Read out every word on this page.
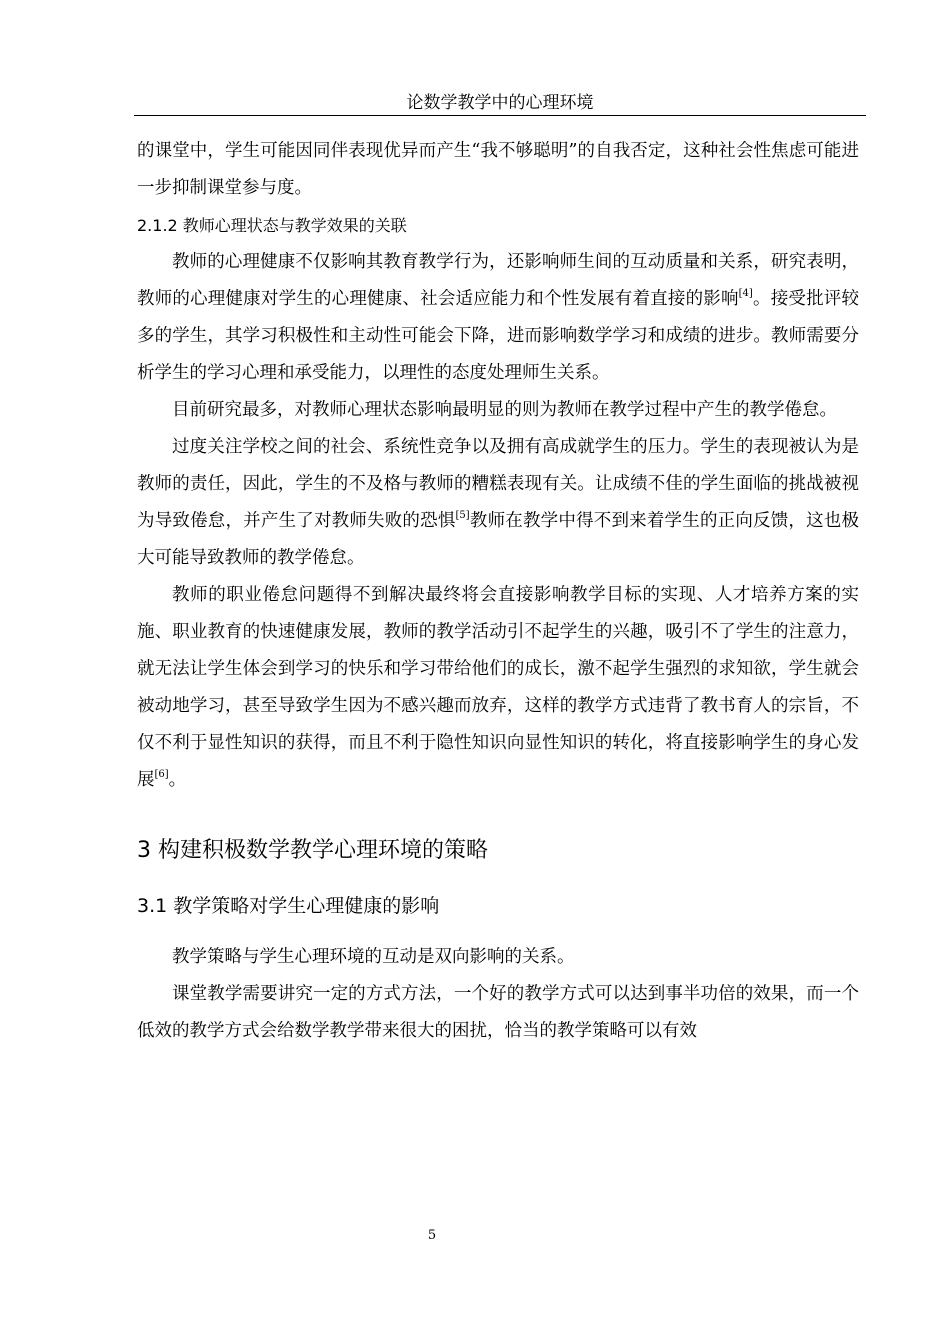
论数学教学中的心理环境

的课堂中，学生可能因同伴表现优异而产生“我不够聪明”的自我否定，这种社会性焦虑可能进一步抑制课堂参与度。

2.1.2 教师心理状态与教学效果的关联

教师的心理健康不仅影响其教育教学行为，还影响师生间的互动质量和关系，研究表明，教师的心理健康对学生的心理健康、社会适应能力和个性发展有着直接的影响[4]。接受批评较多的学生，其学习积极性和主动性可能会下降，进而影响数学学习和成绩的进步。教师需要分析学生的学习心理和承受能力，以理性的态度处理师生关系。

目前研究最多，对教师心理状态影响最明显的则为教师在教学过程中产生的教学倦怠。

过度关注学校之间的社会、系统性竞争以及拥有高成就学生的压力。学生的表现被认为是教师的责任，因此，学生的不及格与教师的糟糕表现有关。让成绩不佳的学生面临的挑战被视为导致倦怠，并产生了对教师失败的恐惧[5]教师在教学中得不到来着学生的正向反馈，这也极大可能导致教师的教学倦怠。

教师的职业倦怠问题得不到解决最终将会直接影响教学目标的实现、人才培养方案的实施、职业教育的快速健康发展，教师的教学活动引不起学生的兴趣，吸引不了学生的注意力，就无法让学生体会到学习的快乐和学习带给他们的成长，激不起学生强烈的求知欲，学生就会被动地学习，甚至导致学生因为不感兴趣而放弃，这样的教学方式违背了教书育人的宗旨，不仅不利于显性知识的获得，而且不利于隐性知识向显性知识的转化，将直接影响学生的身心发展[6]。

3 构建积极数学教学心理环境的策略

3.1 教学策略对学生心理健康的影响

教学策略与学生心理环境的互动是双向影响的关系。

课堂教学需要讲究一定的方式方法，一个好的教学方式可以达到事半功倍的效果，而一个低效的教学方式会给数学教学带来很大的困扰，恰当的教学策略可以有效

5
